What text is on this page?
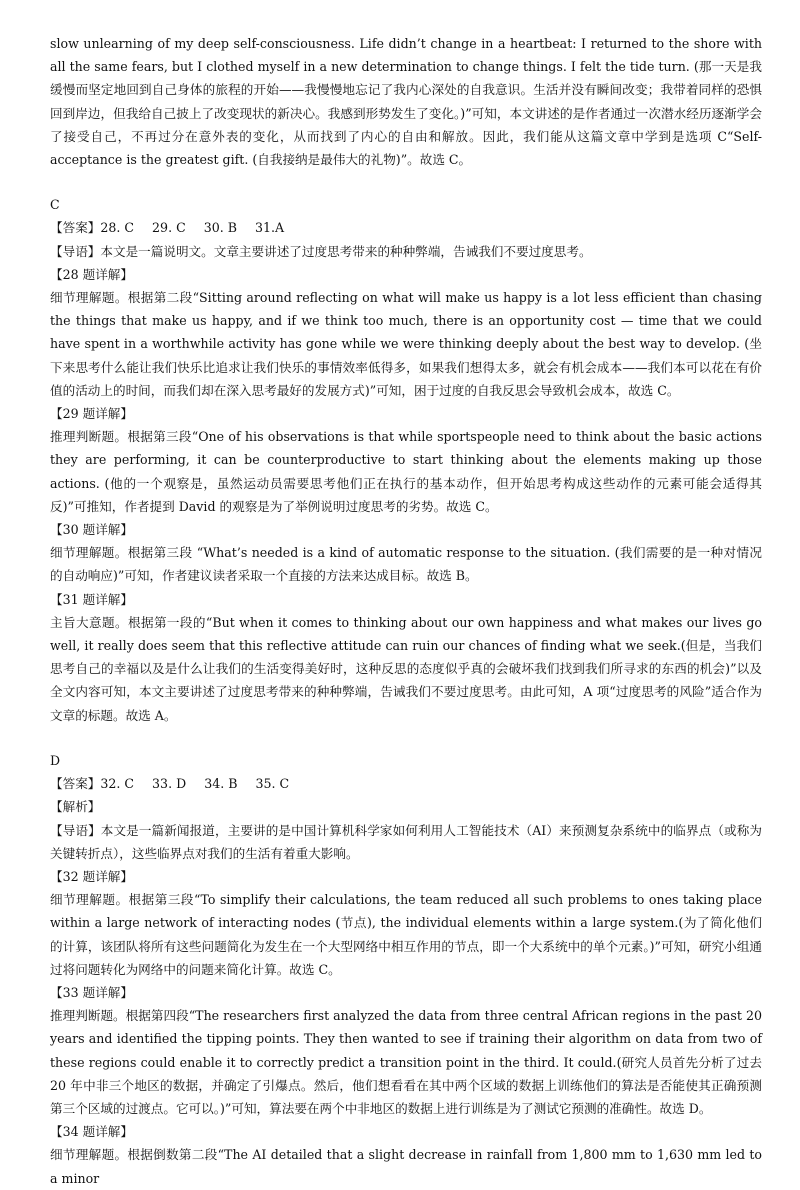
slow unlearning of my deep self-consciousness. Life didn’t change in a heartbeat: I returned to the shore with all the same fears, but I clothed myself in a new determination to change things. I felt the tide turn. (那一天是我缓慢而坚定地回到自己身体的旅程的开始——我慢慢地忘记了我内心深处的自我意识。生活并没有瞬间改变；我带着同样的恐惧回到岸边，但我给自己披上了改变现状的新决心。我感到形势发生了变化。)”可知，本文讲述的是作者通过一次潜水经历逐渐学会了接受自己，不再过分在意外表的变化，从而找到了内心的自由和解放。因此，我们能从这篇文章中学到是选项 C“Self-acceptance is the greatest gift. (自我接纳是最伟大的礼物)”。故选 C。

C

【答案】28. C 29. C 30. B 31.A

【导语】本文是一篇说明文。文章主要讲述了过度思考带来的种种弊端，告诫我们不要过度思考。

【28 题详解】

细节理解题。根据第二段“Sitting around reflecting on what will make us happy is a lot less efficient than chasing the things that make us happy, and if we think too much, there is an opportunity cost — time that we could have spent in a worthwhile activity has gone while we were thinking deeply about the best way to develop. (坐下来思考什么能让我们快乐比追求让我们快乐的事情效率低得多，如果我们想得太多，就会有机会成本——我们本可以花在有价值的活动上的时间，而我们却在深入思考最好的发展方式)”可知，困于过度的自我反思会导致机会成本，故选 C。

【29 题详解】

推理判断题。根据第三段“One of his observations is that while sportspeople need to think about the basic actions they are performing, it can be counterproductive to start thinking about the elements making up those actions. (他的一个观察是，虽然运动员需要思考他们正在执行的基本动作，但开始思考构成这些动作的元素可能会适得其反)”可推知，作者提到 David 的观察是为了举例说明过度思考的劣势。故选 C。

【30 题详解】

细节理解题。根据第三段 “What’s needed is a kind of automatic response to the situation. (我们需要的是一种对情况的自动响应)”可知，作者建议读者采取一个直接的方法来达成目标。故选 B。

【31 题详解】

主旨大意题。根据第一段的“But when it comes to thinking about our own happiness and what makes our lives go well, it really does seem that this reflective attitude can ruin our chances of finding what we seek.(但是，当我们思考自己的幸福以及是什么让我们的生活变得美好时，这种反思的态度似乎真的会破坏我们找到我们所寻求的东西的机会)”以及全文内容可知，本文主要讲述了过度思考带来的种种弊端，告诫我们不要过度思考。由此可知，A 项“过度思考的风险”适合作为文章的标题。故选 A。

D

【答案】32. C 33. D 34. B 35. C

【解析】

【导语】本文是一篇新闻报道，主要讲的是中国计算机科学家如何利用人工智能技术（AI）来预测复杂系统中的临界点（或称为关键转折点），这些临界点对我们的生活有着重大影响。

【32 题详解】

细节理解题。根据第三段“To simplify their calculations, the team reduced all such problems to ones taking place within a large network of interacting nodes (节点), the individual elements within a large system.(为了简化他们的计算，该团队将所有这些问题简化为发生在一个大型网络中相互作用的节点，即一个大系统中的单个元素。)”可知，研究小组通过将问题转化为网络中的问题来简化计算。故选 C。

【33 题详解】

推理判断题。根据第四段“The researchers first analyzed the data from three central African regions in the past 20 years and identified the tipping points. They then wanted to see if training their algorithm on data from two of these regions could enable it to correctly predict a transition point in the third. It could.(研究人员首先分析了过去 20 年中非三个地区的数据，并确定了引爆点。然后，他们想看看在其中两个区域的数据上训练他们的算法是否能使其正确预测第三个区域的过渡点。它可以。)”可知，算法要在两个中非地区的数据上进行训练是为了测试它预测的准确性。故选 D。

【34 题详解】

细节理解题。根据倒数第二段“The AI detailed that a slight decrease in rainfall from 1,800 mm to 1,630 mm led to a minor
